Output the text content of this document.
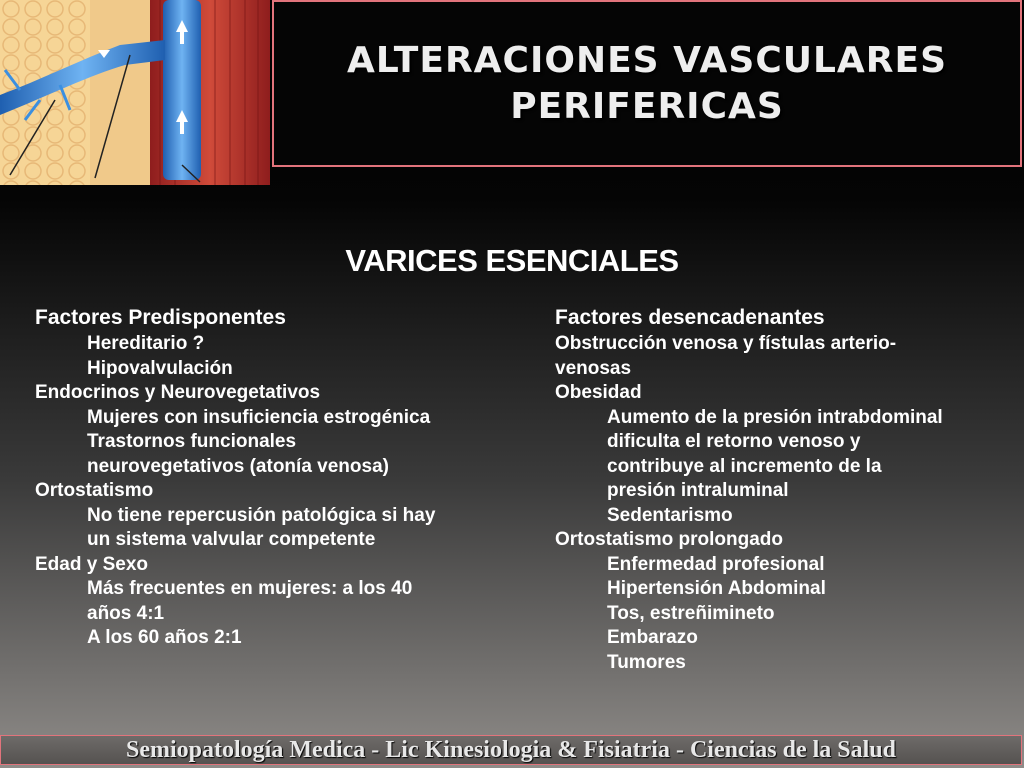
ALTERACIONES VASCULARES
PERIFERICAS
VARICES ESENCIALES
Factores Predisponentes
Hereditario ?
Hipovalvulación
Endocrinos y Neurovegetativos
Mujeres con insuficiencia estrogénica
Trastornos funcionales
neurovegetativos (atonía venosa)
Ortostatismo
No tiene repercusión patológica si hay
un sistema valvular competente
Edad y Sexo
Más frecuentes en mujeres: a los 40
años 4:1
A los 60 años 2:1
Factores desencadenantes
Obstrucción venosa y fístulas arterio-
venosas
Obesidad
Aumento de la presión intrabdominal
dificulta el retorno venoso y
contribuye al incremento de la
presión intraluminal
Sedentarismo
Ortostatismo prolongado
Enfermedad profesional
Hipertensión Abdominal
Tos, estreñimineto
Embarazo
Tumores
Semiopatología Medica - Lic Kinesiologia & Fisiatria - Ciencias de la Salud
